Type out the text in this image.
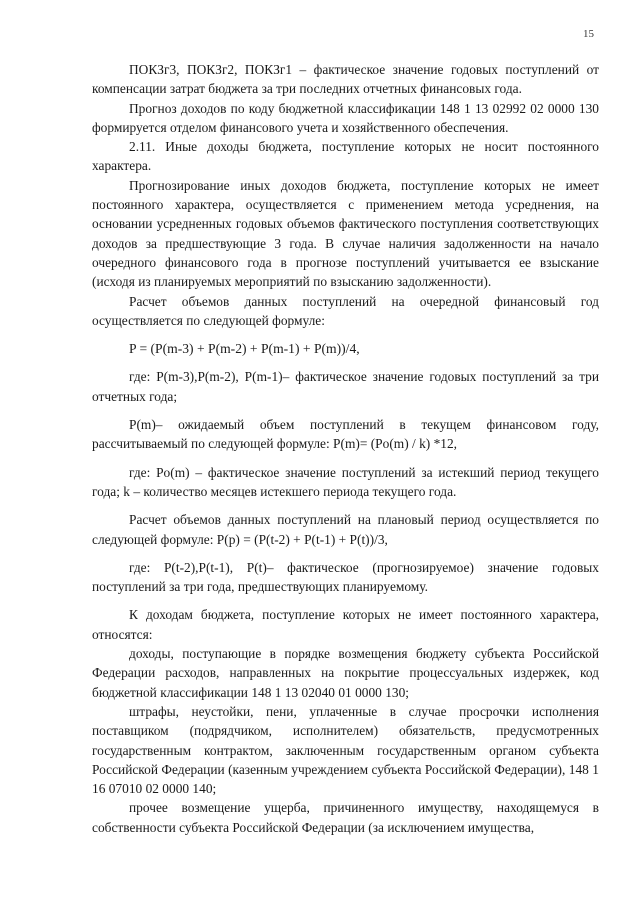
15

ПОКЗг3, ПОКЗг2, ПОКЗг1 – фактическое значение годовых поступлений от компенсации затрат бюджета за три последних отчетных финансовых года.

Прогноз доходов по коду бюджетной классификации 148 1 13 02992 02 0000 130 формируется отделом финансового учета и хозяйственного обеспечения.

2.11. Иные доходы бюджета, поступление которых не носит постоянного характера.

Прогнозирование иных доходов бюджета, поступление которых не имеет постоянного характера, осуществляется с применением метода усреднения, на основании усредненных годовых объемов фактического поступления соответствующих доходов за предшествующие 3 года. В случае наличия задолженности на начало очередного финансового года в прогнозе поступлений учитывается ее взыскание (исходя из планируемых мероприятий по взысканию задолженности).

Расчет объемов данных поступлений на очередной финансовый год осуществляется по следующей формуле:

P = (P(m-3) + P(m-2) + P(m-1) + P(m))/4,

где: P(m-3),P(m-2), P(m-1)– фактическое значение годовых поступлений за три отчетных года;

P(m)– ожидаемый объем поступлений в текущем финансовом году, рассчитываемый по следующей формуле: P(m)= (Po(m) / k) *12,

где: Po(m) – фактическое значение поступлений за истекший период текущего года; k – количество месяцев истекшего периода текущего года.

Расчет объемов данных поступлений на плановый период осуществляется по следующей формуле: P(p) = (P(t-2) + P(t-1) + P(t))/3,

где: P(t-2),P(t-1), P(t)– фактическое (прогнозируемое) значение годовых поступлений за три года, предшествующих планируемому.

К доходам бюджета, поступление которых не имеет постоянного характера, относятся:

доходы, поступающие в порядке возмещения бюджету субъекта Российской Федерации расходов, направленных на покрытие процессуальных издержек, код бюджетной классификации 148 1 13 02040 01 0000 130;

штрафы, неустойки, пени, уплаченные в случае просрочки исполнения поставщиком (подрядчиком, исполнителем) обязательств, предусмотренных государственным контрактом, заключенным государственным органом субъекта Российской Федерации (казенным учреждением субъекта Российской Федерации), 148 1 16 07010 02 0000 140;

прочее возмещение ущерба, причиненного имуществу, находящемуся в собственности субъекта Российской Федерации (за исключением имущества,
